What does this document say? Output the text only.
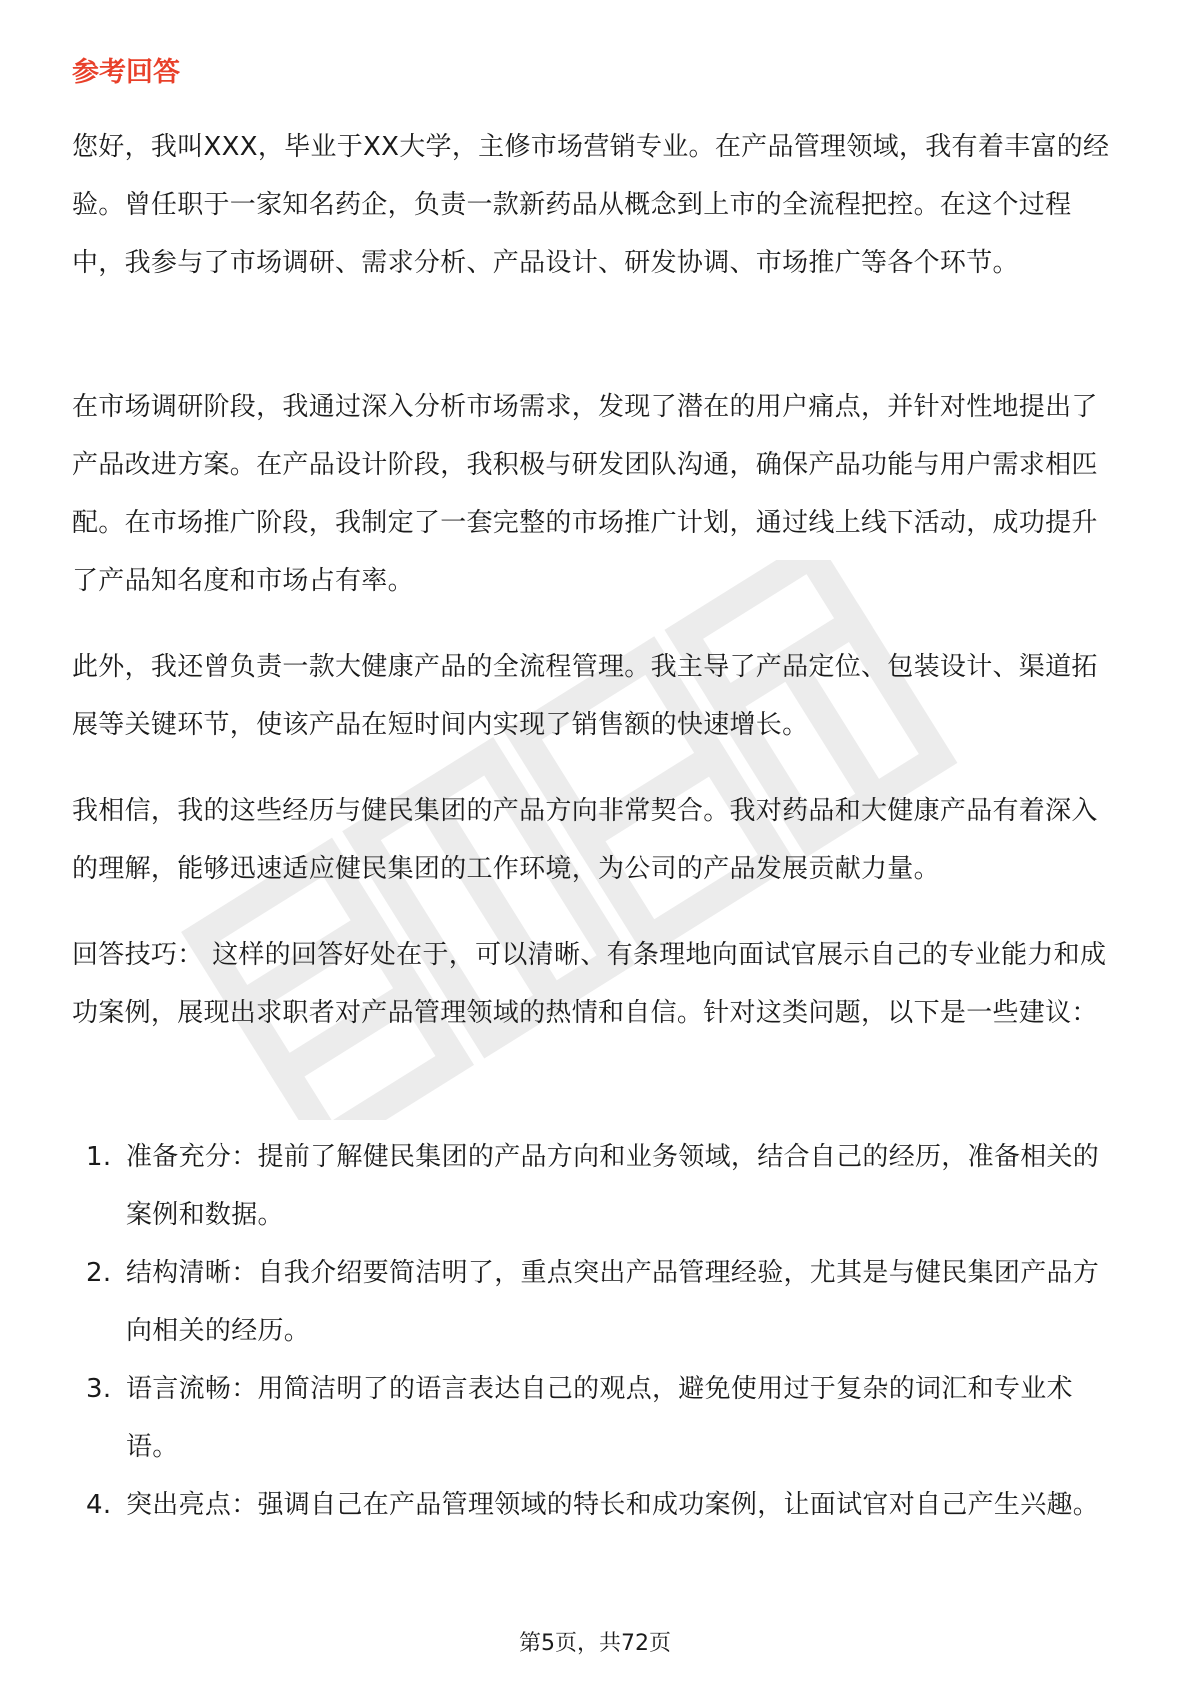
参考回答

您好，我叫XXX，毕业于XX大学，主修市场营销专业。在产品管理领域，我有着丰富的经验。曾任职于一家知名药企，负责一款新药品从概念到上市的全流程把控。在这个过程中，我参与了市场调研、需求分析、产品设计、研发协调、市场推广等各个环节。

在市场调研阶段，我通过深入分析市场需求，发现了潜在的用户痛点，并针对性地提出了产品改进方案。在产品设计阶段，我积极与研发团队沟通，确保产品功能与用户需求相匹配。在市场推广阶段，我制定了一套完整的市场推广计划，通过线上线下活动，成功提升了产品知名度和市场占有率。

此外，我还曾负责一款大健康产品的全流程管理。我主导了产品定位、包装设计、渠道拓展等关键环节，使该产品在短时间内实现了销售额的快速增长。

我相信，我的这些经历与健民集团的产品方向非常契合。我对药品和大健康产品有着深入的理解，能够迅速适应健民集团的工作环境，为公司的产品发展贡献力量。

回答技巧： 这样的回答好处在于，可以清晰、有条理地向面试官展示自己的专业能力和成功案例，展现出求职者对产品管理领域的热情和自信。针对这类问题，以下是一些建议：

1. 准备充分：提前了解健民集团的产品方向和业务领域，结合自己的经历，准备相关的案例和数据。
2. 结构清晰：自我介绍要简洁明了，重点突出产品管理经验，尤其是与健民集团产品方向相关的经历。
3. 语言流畅：用简洁明了的语言表达自己的观点，避免使用过于复杂的词汇和专业术语。
4. 突出亮点：强调自己在产品管理领域的特长和成功案例，让面试官对自己产生兴趣。
第5页，共72页
